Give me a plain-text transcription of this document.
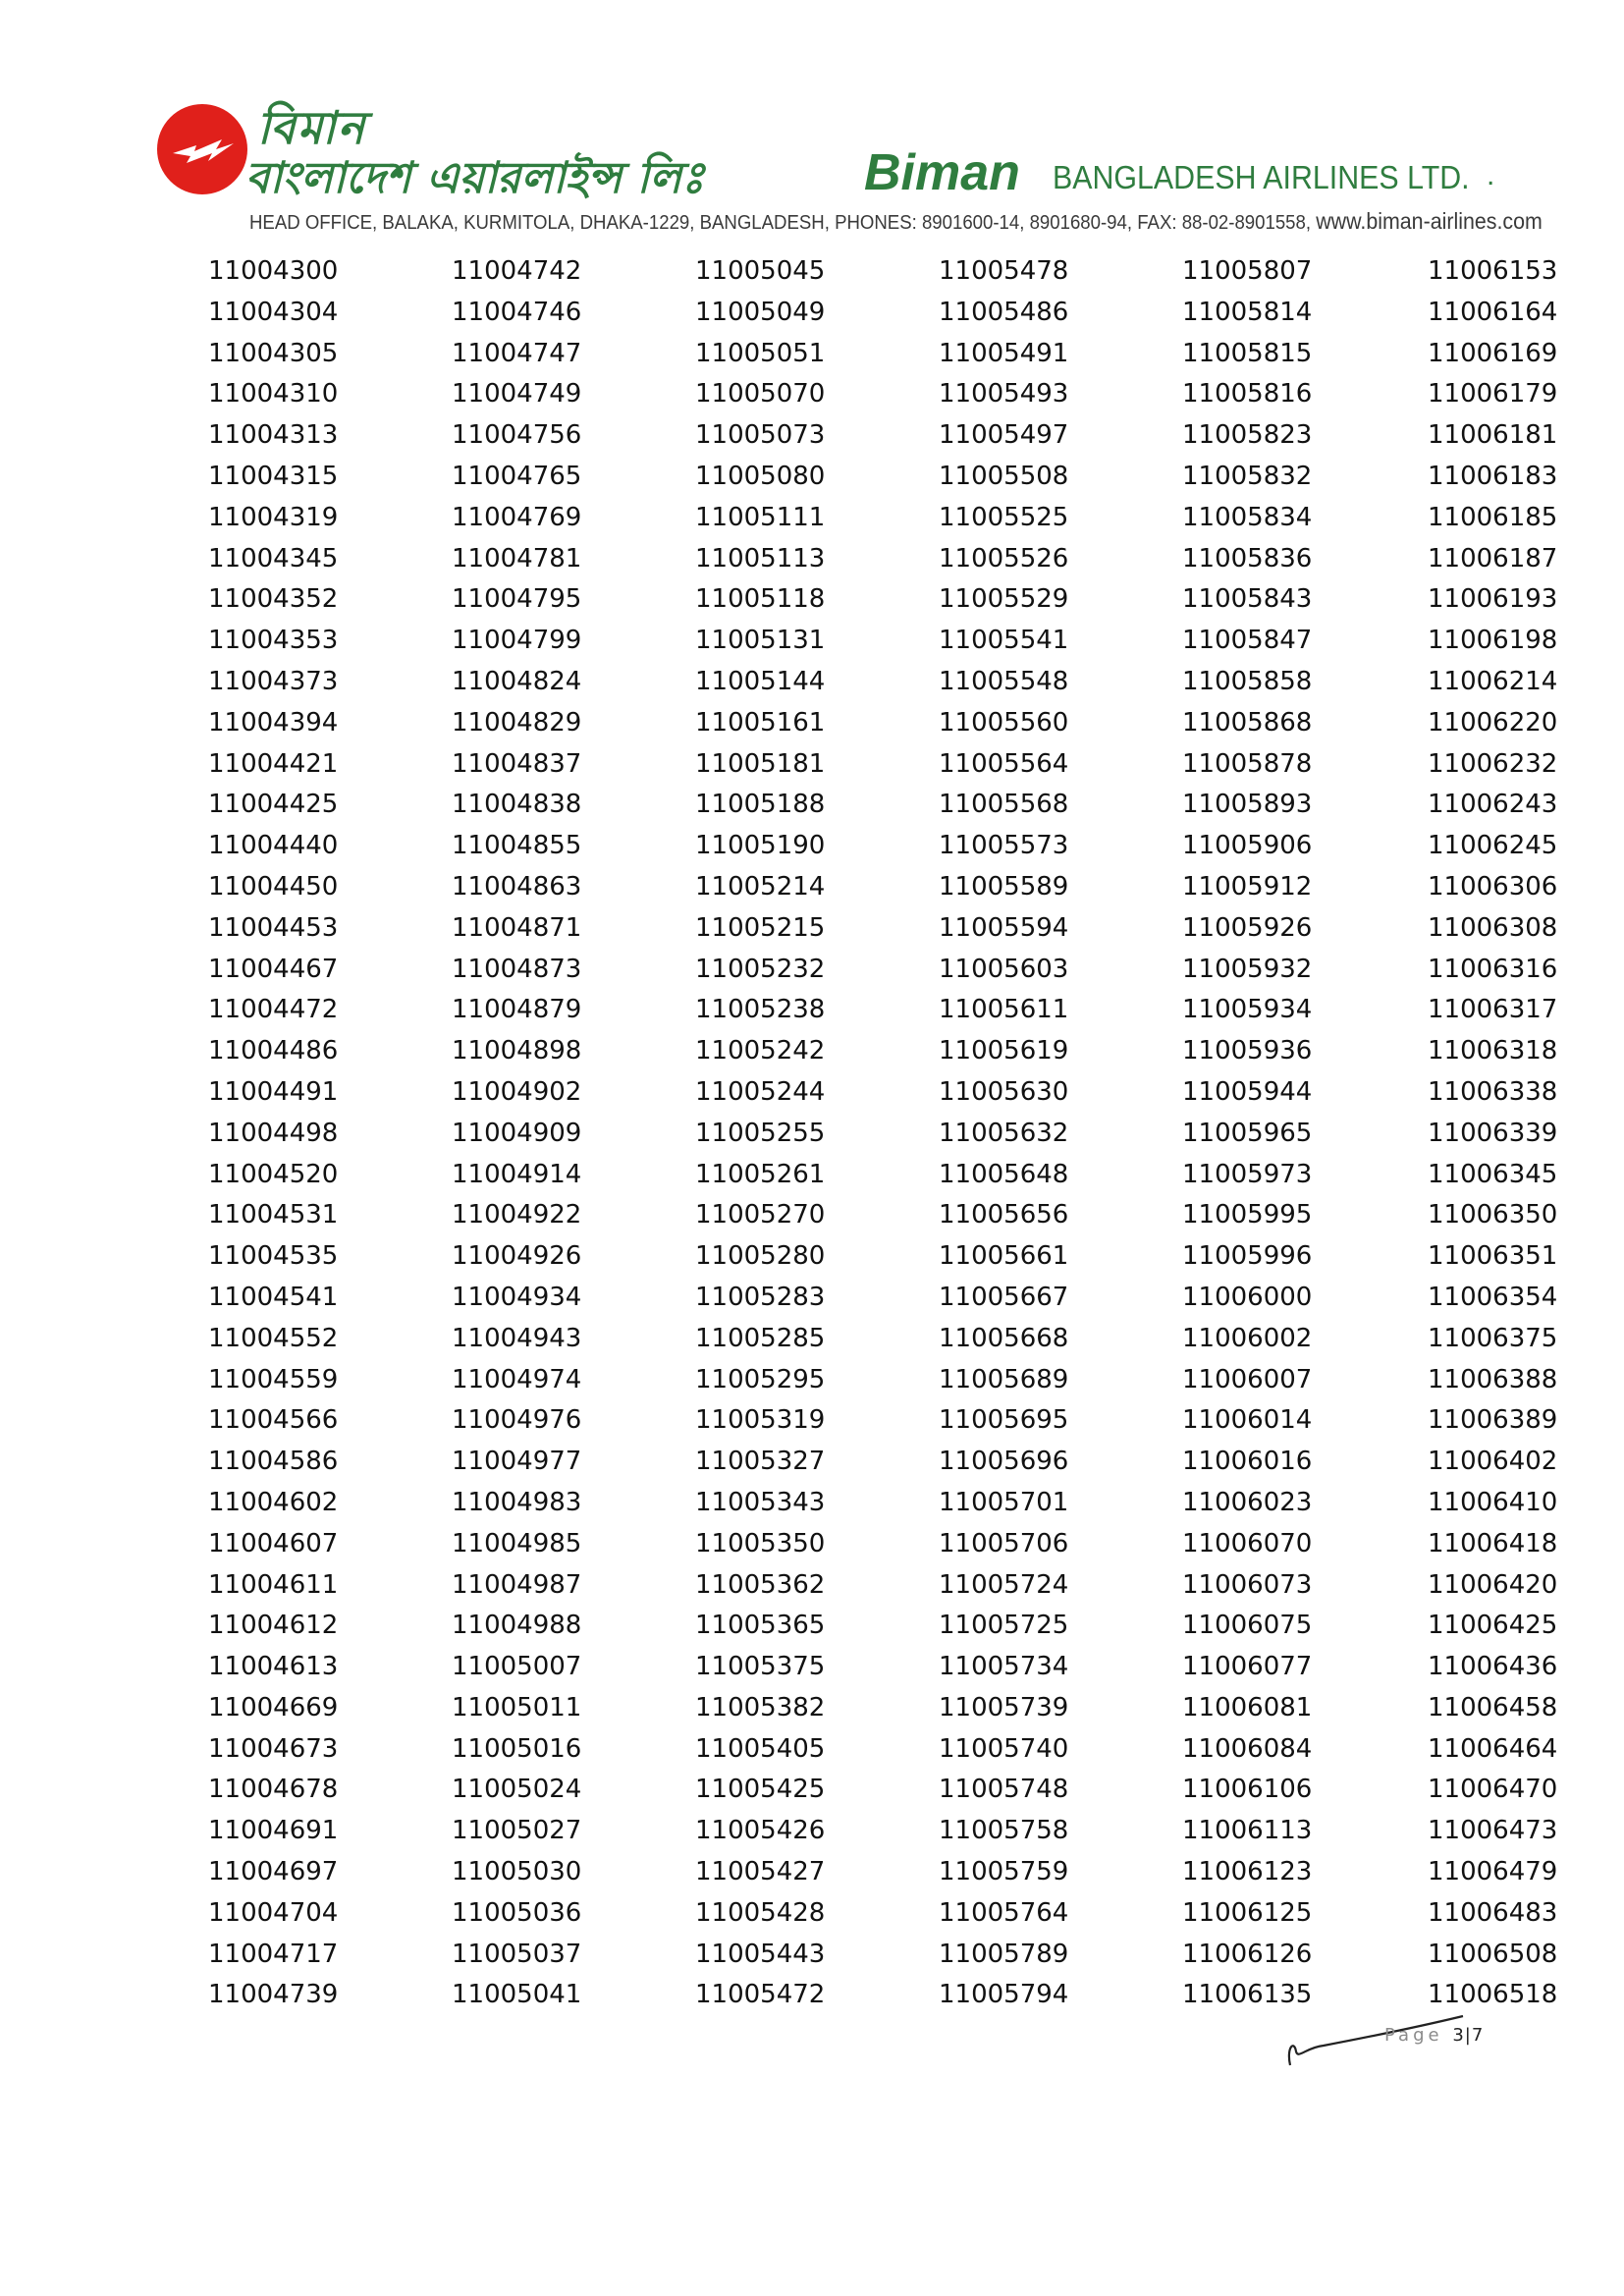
বিমান
বাংলাদেশ এয়ারলাইন্স লিঃ	Biman BANGLADESH AIRLINES LTD. .
HEAD OFFICE, BALAKA, KURMITOLA, DHAKA-1229, BANGLADESH, PHONES: 8901600-14, 8901680-94, FAX: 88-02-8901558, www.biman-airlines.com
11004300
11004304
11004305
11004310
11004313
11004315
11004319
11004345
11004352
11004353
11004373
11004394
11004421
11004425
11004440
11004450
11004453
11004467
11004472
11004486
11004491
11004498
11004520
11004531
11004535
11004541
11004552
11004559
11004566
11004586
11004602
11004607
11004611
11004612
11004613
11004669
11004673
11004678
11004691
11004697
11004704
11004717
11004739
11004742
11004746
11004747
11004749
11004756
11004765
11004769
11004781
11004795
11004799
11004824
11004829
11004837
11004838
11004855
11004863
11004871
11004873
11004879
11004898
11004902
11004909
11004914
11004922
11004926
11004934
11004943
11004974
11004976
11004977
11004983
11004985
11004987
11004988
11005007
11005011
11005016
11005024
11005027
11005030
11005036
11005037
11005041
11005045
11005049
11005051
11005070
11005073
11005080
11005111
11005113
11005118
11005131
11005144
11005161
11005181
11005188
11005190
11005214
11005215
11005232
11005238
11005242
11005244
11005255
11005261
11005270
11005280
11005283
11005285
11005295
11005319
11005327
11005343
11005350
11005362
11005365
11005375
11005382
11005405
11005425
11005426
11005427
11005428
11005443
11005472
11005478
11005486
11005491
11005493
11005497
11005508
11005525
11005526
11005529
11005541
11005548
11005560
11005564
11005568
11005573
11005589
11005594
11005603
11005611
11005619
11005630
11005632
11005648
11005656
11005661
11005667
11005668
11005689
11005695
11005696
11005701
11005706
11005724
11005725
11005734
11005739
11005740
11005748
11005758
11005759
11005764
11005789
11005794
11005807
11005814
11005815
11005816
11005823
11005832
11005834
11005836
11005843
11005847
11005858
11005868
11005878
11005893
11005906
11005912
11005926
11005932
11005934
11005936
11005944
11005965
11005973
11005995
11005996
11006000
11006002
11006007
11006014
11006016
11006023
11006070
11006073
11006075
11006077
11006081
11006084
11006106
11006113
11006123
11006125
11006126
11006135
11006153
11006164
11006169
11006179
11006181
11006183
11006185
11006187
11006193
11006198
11006214
11006220
11006232
11006243
11006245
11006306
11006308
11006316
11006317
11006318
11006338
11006339
11006345
11006350
11006351
11006354
11006375
11006388
11006389
11006402
11006410
11006418
11006420
11006425
11006436
11006458
11006464
11006470
11006473
11006479
11006483
11006508
11006518
Page 3|7
